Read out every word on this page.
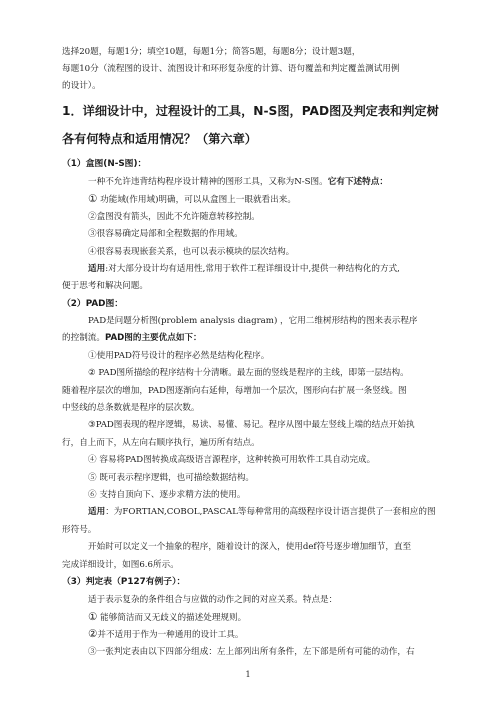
选择20题，每题1分；填空10题，每题1分；简答5题，每题8分；设计题3题，
每题10分（流程图的设计、流图设计和环形复杂度的计算、语句覆盖和判定覆盖测试用例
的设计）。
1．详细设计中，过程设计的工具，N-S图，PAD图及判定表和判定树
各有何特点和适用情况？（第六章）
（1）盒图(N-S图)：
一种不允许违背结构程序设计精神的图形工具，又称为N-S图。它有下述特点：
① 功能域(作用域)明确，可以从盒图上一眼就看出来。
②盒图没有箭头，因此不允许随意转移控制。
③很容易确定局部和全程数据的作用域。
④很容易表现嵌套关系，也可以表示模块的层次结构。
适用:对大部分设计均有适用性,常用于软件工程详细设计中,提供一种结构化的方式,
便于思考和解决问题。
（2）PAD图：
PAD是问题分析图(problem analysis diagram) ，它用二维树形结构的图来表示程序
的控制流。PAD图的主要优点如下：
①使用PAD符号设计的程序必然是结构化程序。
② PAD图所描绘的程序结构十分清晰。最左面的竖线是程序的主线，即第一层结构。
随着程序层次的增加，PAD图逐渐向右延伸，每增加一个层次，图形向右扩展一条竖线。图
中竖线的总条数就是程序的层次数。
③PAD图表现的程序逻辑，易读、易懂、易记。程序从图中最左竖线上端的结点开始执
行，自上而下，从左向右顺序执行，遍历所有结点。
④ 容易将PAD图转换成高级语言源程序，这种转换可用软件工具自动完成。
⑤ 既可表示程序逻辑，也可描绘数据结构。
⑥ 支持自顶向下、逐步求精方法的使用。
适用：为FORTIAN,COBOL,PASCAL等每种常用的高级程序设计语言提供了一套相应的图
形符号。
开始时可以定义一个抽象的程序，随着设计的深入，使用def符号逐步增加细节，直至
完成详细设计，如图6.6所示。
（3）判定表（P127有例子）：
适于表示复杂的条件组合与应做的动作之间的对应关系。特点是：
① 能够简洁而又无歧义的描述处理规则。
②并不适用于作为一种通用的设计工具。
③一张判定表由以下四部分组成：左上部列出所有条件，左下部是所有可能的动作，右
1
